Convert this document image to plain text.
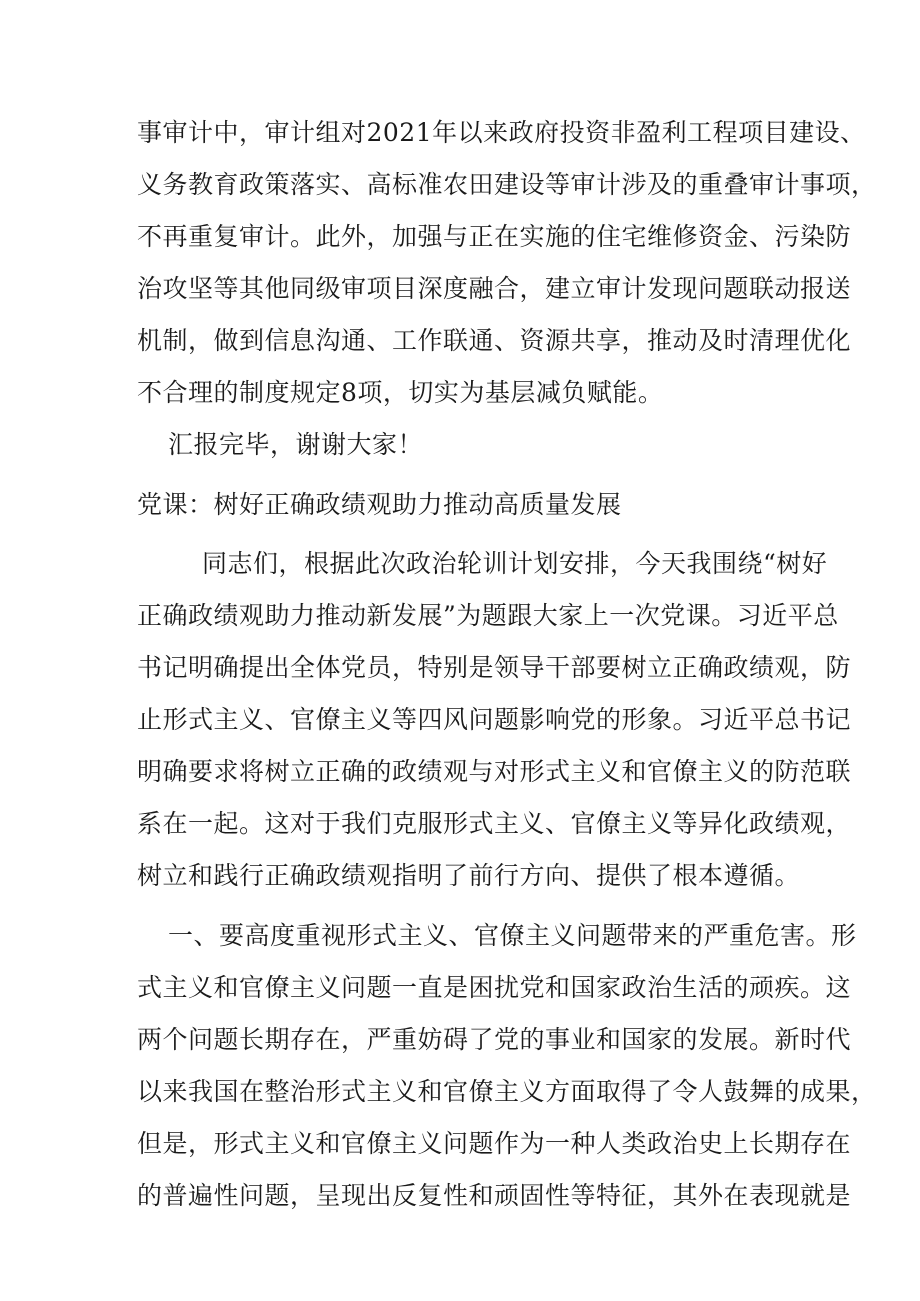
事审计中，审计组对2021年以来政府投资非盈利工程项目建设、
义务教育政策落实、高标准农田建设等审计涉及的重叠审计事项，
不再重复审计。此外，加强与正在实施的住宅维修资金、污染防
治攻坚等其他同级审项目深度融合，建立审计发现问题联动报送
机制，做到信息沟通、工作联通、资源共享，推动及时清理优化
不合理的制度规定8项，切实为基层减负赋能。
汇报完毕，谢谢大家！
党课：树好正确政绩观助力推动高质量发展
同志们，根据此次政治轮训计划安排，今天我围绕“树好
正确政绩观助力推动新发展”为题跟大家上一次党课。习近平总
书记明确提出全体党员，特别是领导干部要树立正确政绩观，防
止形式主义、官僚主义等四风问题影响党的形象。习近平总书记
明确要求将树立正确的政绩观与对形式主义和官僚主义的防范联
系在一起。这对于我们克服形式主义、官僚主义等异化政绩观，
树立和践行正确政绩观指明了前行方向、提供了根本遵循。
一、要高度重视形式主义、官僚主义问题带来的严重危害。形
式主义和官僚主义问题一直是困扰党和国家政治生活的顽疾。这
两个问题长期存在，严重妨碍了党的事业和国家的发展。新时代
以来我国在整治形式主义和官僚主义方面取得了令人鼓舞的成果，
但是，形式主义和官僚主义问题作为一种人类政治史上长期存在
的普遍性问题，呈现出反复性和顽固性等特征，其外在表现就是
